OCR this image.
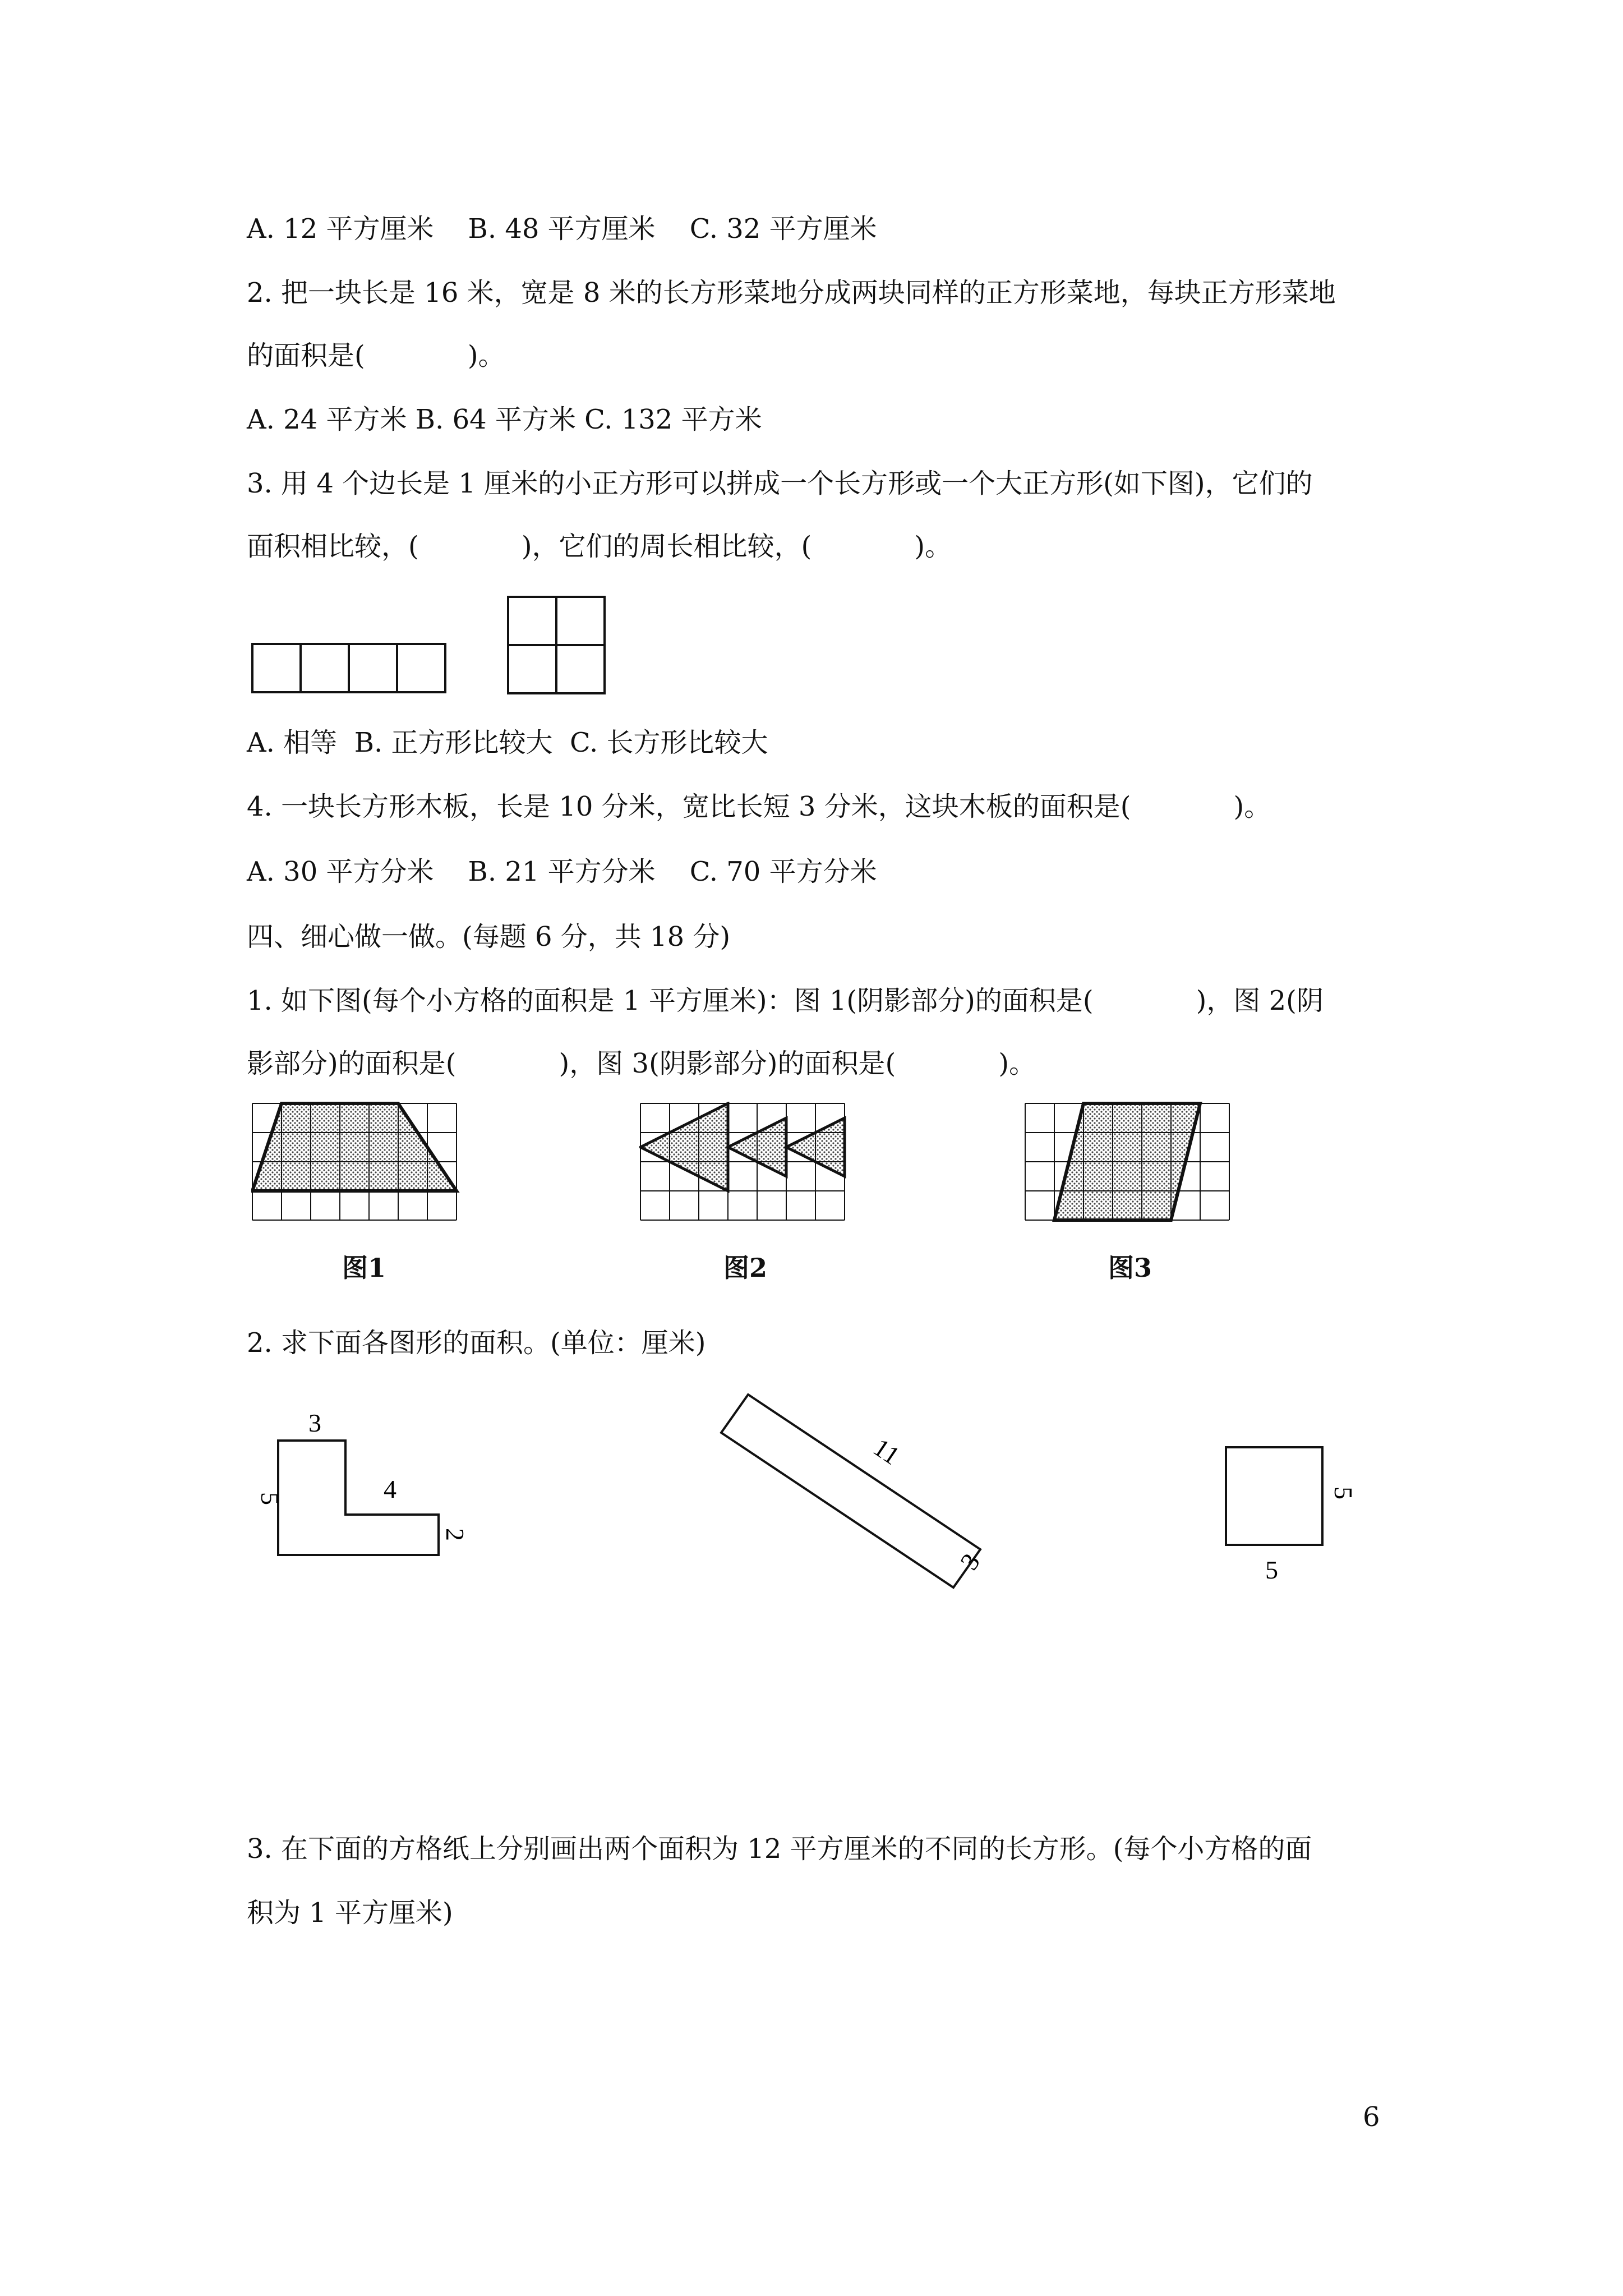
A. 12 平方厘米    B. 48 平方厘米    C. 32 平方厘米

2. 把一块长是 16 米，宽是 8 米的长方形菜地分成两块同样的正方形菜地，每块正方形菜地

的面积是(            )。

A. 24 平方米 B. 64 平方米 C. 132 平方米

3. 用 4 个边长是 1 厘米的小正方形可以拼成一个长方形或一个大正方形(如下图)，它们的

面积相比较，(            )，它们的周长相比较，(            )。

A. 相等  B. 正方形比较大  C. 长方形比较大

4. 一块长方形木板，长是 10 分米，宽比长短 3 分米，这块木板的面积是(            )。

A. 30 平方分米    B. 21 平方分米    C. 70 平方分米

四、细心做一做。(每题 6 分，共 18 分)

1. 如下图(每个小方格的面积是 1 平方厘米)：图 1(阴影部分)的面积是(            )，图 2(阴

影部分)的面积是(            )，图 3(阴影部分)的面积是(            )。

图1	图2	图3

2. 求下面各图形的面积。(单位：厘米)

3
4
5
2
11
3
5
5

3. 在下面的方格纸上分别画出两个面积为 12 平方厘米的不同的长方形。(每个小方格的面

积为 1 平方厘米)

6
